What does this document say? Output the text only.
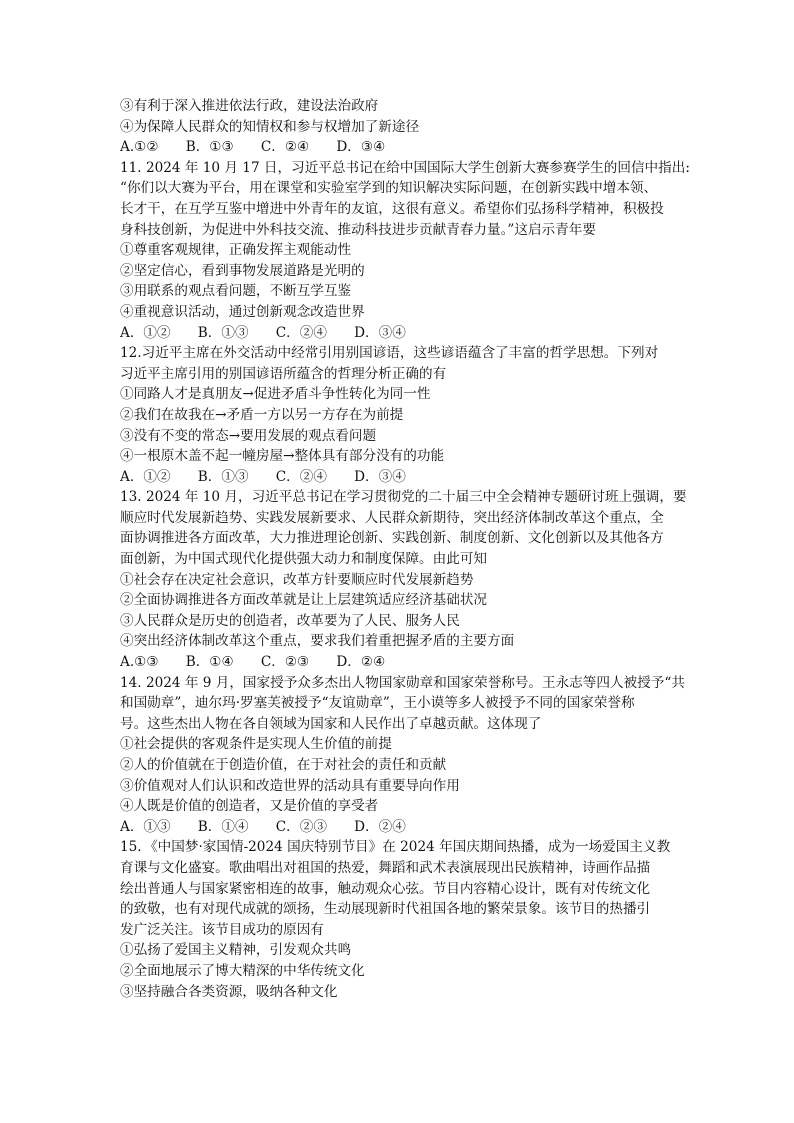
③有利于深入推进依法行政，建设法治政府
④为保障人民群众的知情权和参与权增加了新途径
A.①②　　B．①③　　C．②④　　D．③④
11. 2024 年 10 月 17 日，习近平总书记在给中国国际大学生创新大赛参赛学生的回信中指出:
“你们以大赛为平台，用在课堂和实验室学到的知识解决实际问题，在创新实践中增本领、
长才干，在互学互鉴中增进中外青年的友谊，这很有意义。希望你们弘扬科学精神，积极投
身科技创新，为促进中外科技交流、推动科技进步贡献青春力量。”这启示青年要
①尊重客观规律，正确发挥主观能动性
②坚定信心，看到事物发展道路是光明的
③用联系的观点看问题，不断互学互鉴
④重视意识活动，通过创新观念改造世界
A．①②　　B．①③　　C．②④　　D．③④
12.习近平主席在外交活动中经常引用别国谚语，这些谚语蕴含了丰富的哲学思想。下列对
习近平主席引用的别国谚语所蕴含的哲理分析正确的有
①同路人才是真朋友→促进矛盾斗争性转化为同一性
②我们在故我在→矛盾一方以另一方存在为前提
③没有不变的常态→要用发展的观点看问题
④一根原木盖不起一幢房屋→整体具有部分没有的功能
A．①②　　B．①③　　C．②④　　D．③④
13. 2024 年 10 月，习近平总书记在学习贯彻党的二十届三中全会精神专题研讨班上强调，要
顺应时代发展新趋势、实践发展新要求、人民群众新期待，突出经济体制改革这个重点，全
面协调推进各方面改革，大力推进理论创新、实践创新、制度创新、文化创新以及其他各方
面创新，为中国式现代化提供强大动力和制度保障。由此可知
①社会存在决定社会意识，改革方针要顺应时代发展新趋势
②全面协调推进各方面改革就是让上层建筑适应经济基础状况
③人民群众是历史的创造者，改革要为了人民、服务人民
④突出经济体制改革这个重点，要求我们着重把握矛盾的主要方面
A.①③　　B．①④　　C．②③　　D．②④
14. 2024 年 9 月，国家授予众多杰出人物国家勋章和国家荣誉称号。王永志等四人被授予“共
和国勋章”，迪尔玛·罗塞芙被授予“友谊勋章”，王小谟等多人被授予不同的国家荣誉称
号。这些杰出人物在各自领域为国家和人民作出了卓越贡献。这体现了
①社会提供的客观条件是实现人生价值的前提
②人的价值就在于创造价值，在于对社会的责任和贡献
③价值观对人们认识和改造世界的活动具有重要导向作用
④人既是价值的创造者，又是价值的享受者
A．①③　　B．①④　　C．②③　　D．②④
15．《中国梦·家国情-2024 国庆特别节目》在 2024 年国庆期间热播，成为一场爱国主义教
育课与文化盛宴。歌曲唱出对祖国的热爱，舞蹈和武术表演展现出民族精神，诗画作品描
绘出普通人与国家紧密相连的故事，触动观众心弦。节目内容精心设计，既有对传统文化
的致敬，也有对现代成就的颂扬，生动展现新时代祖国各地的繁荣景象。该节目的热播引
发广泛关注。该节目成功的原因有
①弘扬了爱国主义精神，引发观众共鸣
②全面地展示了博大精深的中华传统文化
③坚持融合各类资源，吸纳各种文化
